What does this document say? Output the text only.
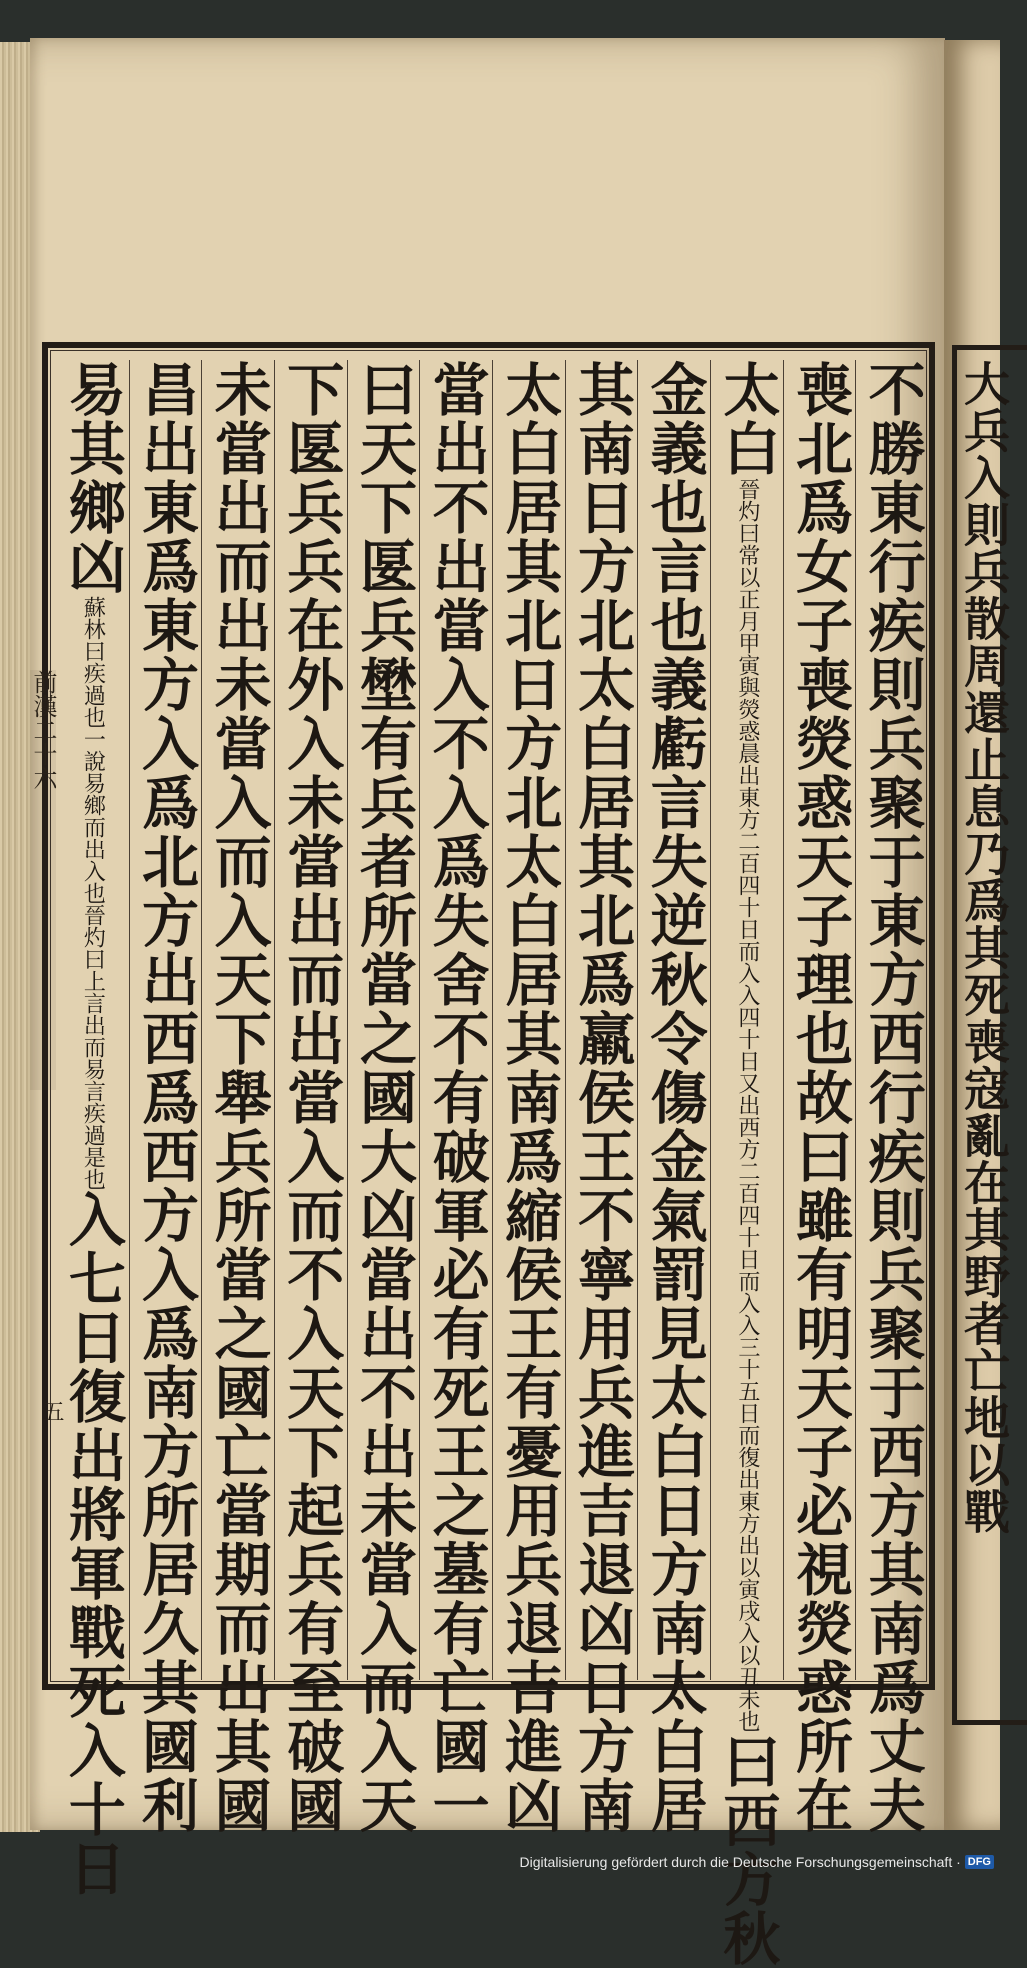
大兵入則兵散周還止息乃爲其死喪寇亂在其野者亡地以戰
不勝東行疾則兵聚于東方西行疾則兵聚于西方其南爲丈夫
喪北爲女子喪熒惑天子理也故曰雖有明天子必視熒惑所在
太白晉灼曰常以正月甲寅與熒惑晨出東方二百四十日而入入四十日又出西方二百四十日而入入三十五日而復出東方出以寅戌入以丑未也曰西方秋
金義也言也義虧言失逆秋令傷金氣罰見太白日方南太白居
其南日方北太白居其北爲羸侯王不寧用兵進吉退凶日方南
太白居其北日方北太白居其南爲縮侯王有憂用兵退吉進凶
當出不出當入不入爲失舍不有破軍必有死王之墓有亡國一
曰天下匽兵壄有兵者所當之國大凶當出不出未當入而入天
下匽兵兵在外入未當出而出當入而不入天下起兵有至破國
未當出而出未當入而入天下舉兵所當之國亡當期而出其國
昌出東爲東方入爲北方出西爲西方入爲南方所居久其國利
易其鄉凶蘇林曰疾過也一說易鄉而出入也晉灼曰上言出而易言疾過是也入七日復出將軍戰死入十日
前漢二十六
五
Digitalisierung gefördert durch die Deutsche Forschungsgemeinschaft · DFG
